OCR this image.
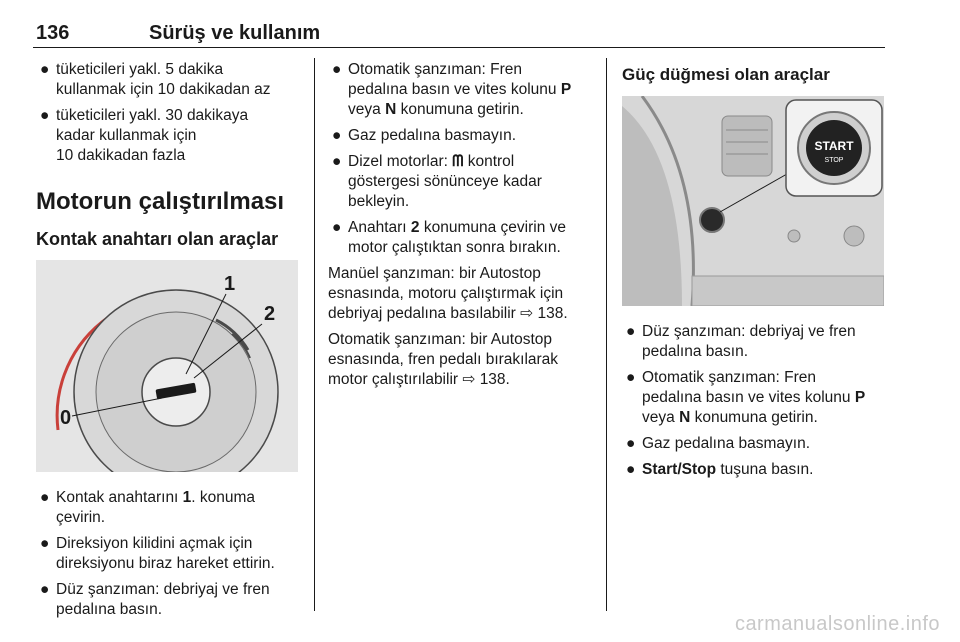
136	Sürüş ve kullanım
● tüketicileri yakl. 5 dakika
kullanmak için 10 dakikadan az
● tüketicileri yakl. 30 dakikaya
kadar kullanmak için
10 dakikadan fazla
Motorun çalıştırılması
Kontak anahtarı olan araçlar
0
1
2
● Kontak anahtarını 1. konuma
çevirin.
● Direksiyon kilidini açmak için
direksiyonu biraz hareket ettirin.
● Düz şanzıman: debriyaj ve fren
pedalına basın.
● Otomatik şanzıman: Fren
pedalına basın ve vites kolunu P
veya N konumuna getirin.
● Gaz pedalına basmayın.
● Dizel motorlar: ᗰ kontrol
göstergesi sönünceye kadar
bekleyin.
● Anahtarı 2 konumuna çevirin ve
motor çalıştıktan sonra bırakın.

Manüel şanzıman: bir Autostop
esnasında, motoru çalıştırmak için
debriyaj pedalına basılabilir ⇨ 138.

Otomatik şanzıman: bir Autostop
esnasında, fren pedalı bırakılarak
motor çalıştırılabilir ⇨ 138.

Güç düğmesi olan araçlar
START
STOP
● Düz şanzıman: debriyaj ve fren
pedalına basın.
● Otomatik şanzıman: Fren
pedalına basın ve vites kolunu P
veya N konumuna getirin.
● Gaz pedalına basmayın.
● Start/Stop tuşuna basın.
carmanualsonline.info
